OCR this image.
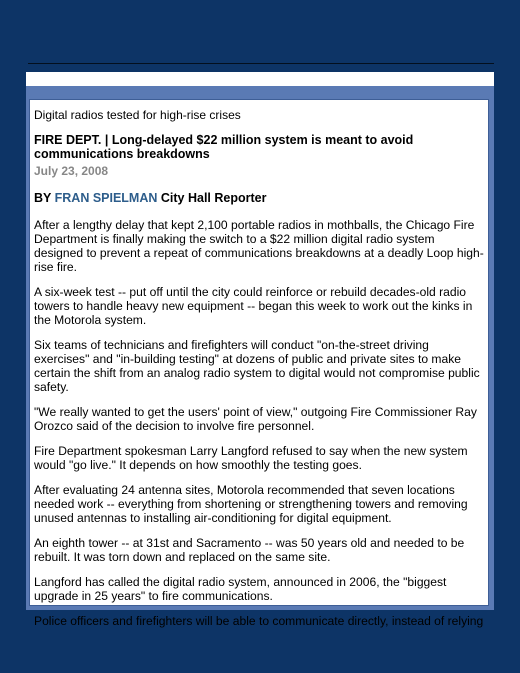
Digital radios tested for high-rise crises
FIRE DEPT. | Long-delayed $22 million system is meant to avoid communications breakdowns
July 23, 2008
BY FRAN SPIELMAN City Hall Reporter

After a lengthy delay that kept 2,100 portable radios in mothballs, the Chicago Fire Department is finally making the switch to a $22 million digital radio system designed to prevent a repeat of communications breakdowns at a deadly Loop high-rise fire.

A six-week test -- put off until the city could reinforce or rebuild decades-old radio towers to handle heavy new equipment -- began this week to work out the kinks in the Motorola system.

Six teams of technicians and firefighters will conduct "on-the-street driving exercises" and "in-building testing" at dozens of public and private sites to make certain the shift from an analog radio system to digital would not compromise public safety.

"We really wanted to get the users' point of view," outgoing Fire Commissioner Ray Orozco said of the decision to involve fire personnel.

Fire Department spokesman Larry Langford refused to say when the new system would "go live." It depends on how smoothly the testing goes.

After evaluating 24 antenna sites, Motorola recommended that seven locations needed work -- everything from shortening or strengthening towers and removing unused antennas to installing air-conditioning for digital equipment.

An eighth tower -- at 31st and Sacramento -- was 50 years old and needed to be rebuilt. It was torn down and replaced on the same site.

Langford has called the digital radio system, announced in 2006, the "biggest upgrade in 25 years" to fire communications.

Police officers and firefighters will be able to communicate directly, instead of relying
